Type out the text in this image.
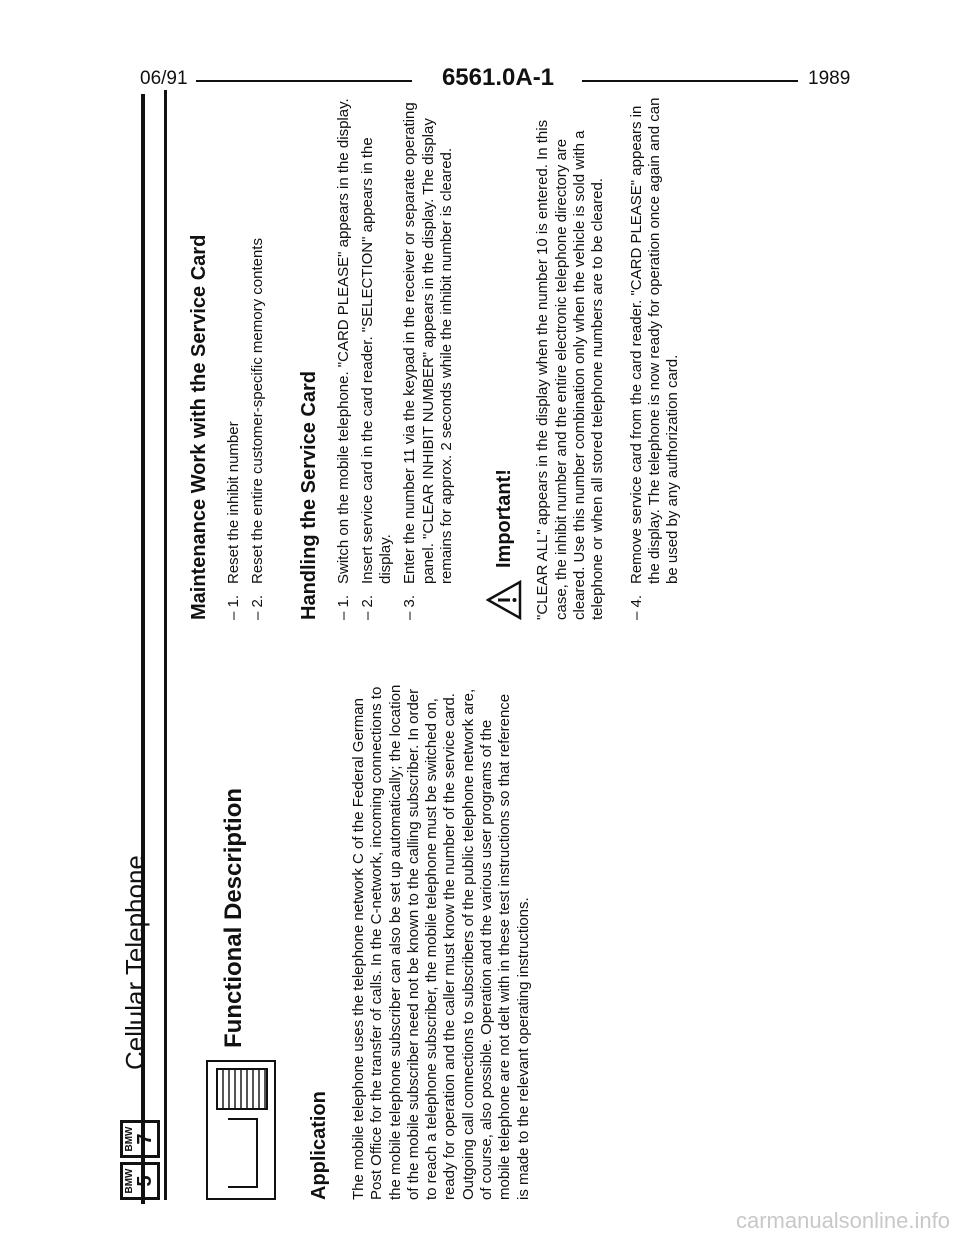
06/91	6561.0A-1	1989
BMW 5
BMW 7
Cellular Telephone	Functional Description
Application The mobile telephone uses the telephone network C of the Federal German Post Office for the transfer of calls. In the C-network, incoming connections to the mobile telephone subscriber can also be set up automatically; the location of the mobile subscriber need not be known to the calling subscriber. In order to reach a telephone subscriber, the mobile telephone must be switched on, ready for operation and the caller must know the number of the service card. Outgoing call connections to subscribers of the public telephone network are, of course, also possible. Operation and the various user programs of the mobile telephone are not delt with in these test instructions so that reference is made to the relevant operating instructions.

Maintenance Work with the Service Card – 1.
Reset the inhibit number
– 2.
Reset the entire customer-specific memory contents Handling the Service Card – 1.
Switch on the mobile telephone. "CARD PLEASE" appears in the display.
– 2.
Insert service card in the card reader. "SELECTION" appears in the display.
– 3.
Enter the number 11 via the keypad in the receiver or separate operating panel. "CLEAR INHIBIT NUMBER" appears in the display. The display remains for approx. 2 seconds while the inhibit number is cleared. Important! "CLEAR ALL" appears in the display when the number 10 is entered. In this case, the inhibit number and the entire electronic telephone directory are cleared. Use this number combination only when the vehicle is sold with a telephone or when all stored telephone numbers are to be cleared. – 4.
Remove service card from the card reader. "CARD PLEASE" appears in the display. The telephone is now ready for operation once again and can be used by any authorization card.
carmanualsonline.info
